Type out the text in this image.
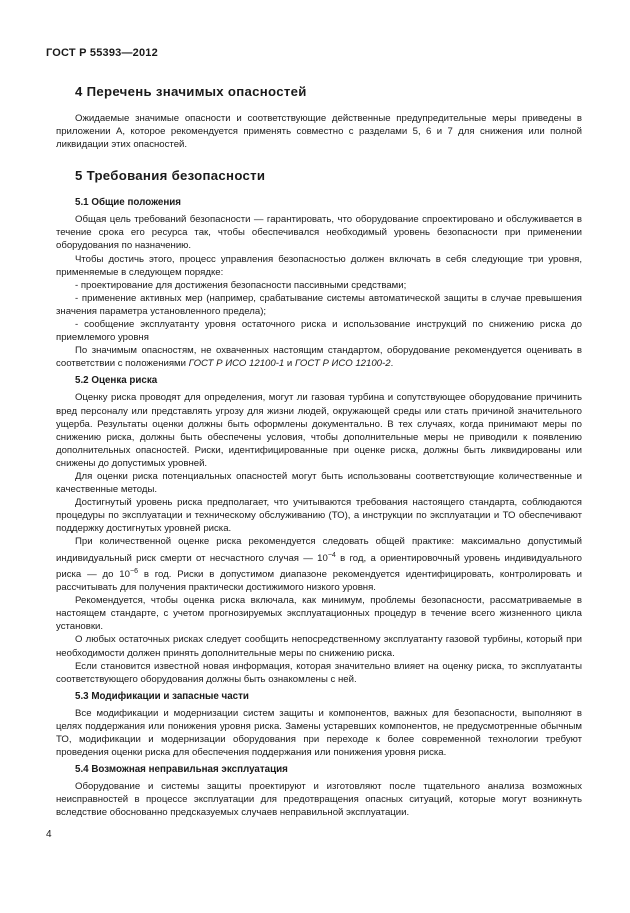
ГОСТ Р 55393—2012
4 Перечень значимых опасностей

Ожидаемые значимые опасности и соответствующие действенные предупредительные меры приведены в приложении А, которое рекомендуется применять совместно с разделами 5, 6 и 7 для снижения или полной ликвидации этих опасностей.

5 Требования безопасности
5.1 Общие положения

Общая цель требований безопасности — гарантировать, что оборудование спроектировано и обслуживается в течение срока его ресурса так, чтобы обеспечивался необходимый уровень безопасности при применении оборудования по назначению.

Чтобы достичь этого, процесс управления безопасностью должен включать в себя следующие три уровня, применяемые в следующем порядке:

- проектирование для достижения безопасности пассивными средствами;

- применение активных мер (например, срабатывание системы автоматической защиты в случае превышения значения параметра установленного предела);

- сообщение эксплуатанту уровня остаточного риска и использование инструкций по снижению риска до приемлемого уровня

По значимым опасностям, не охваченных настоящим стандартом, оборудование рекомендуется оценивать в соответствии с положениями ГОСТ Р ИСО 12100-1 и ГОСТ Р ИСО 12100-2.

5.2 Оценка риска

Оценку риска проводят для определения, могут ли газовая турбина и сопутствующее оборудование причинить вред персоналу или представлять угрозу для жизни людей, окружающей среды или стать причиной значительного ущерба. Результаты оценки должны быть оформлены документально. В тех случаях, когда принимают меры по снижению риска, должны быть обеспечены условия, чтобы дополнительные меры не приводили к появлению дополнительных опасностей. Риски, идентифицированные при оценке риска, должны быть ликвидированы или снижены до допустимых уровней.

Для оценки риска потенциальных опасностей могут быть использованы соответствующие количественные и качественные методы.

Достигнутый уровень риска предполагает, что учитываются требования настоящего стандарта, соблюдаются процедуры по эксплуатации и техническому обслуживанию (ТО), а инструкции по эксплуатации и ТО обеспечивают поддержку достигнутых уровней риска.

При количественной оценке риска рекомендуется следовать общей практике: максимально допустимый индивидуальный риск смерти от несчастного случая — $10^{-4}$ в год, а ориентировочный уровень индивидуального риска — до $10^{-6}$ в год. Риски в допустимом диапазоне рекомендуется идентифицировать, контролировать и рассчитывать для получения практически достижимого низкого уровня.

Рекомендуется, чтобы оценка риска включала, как минимум, проблемы безопасности, рассматриваемые в настоящем стандарте, с учетом прогнозируемых эксплуатационных процедур в течение всего жизненного цикла установки.

О любых остаточных рисках следует сообщить непосредственному эксплуатанту газовой турбины, который при необходимости должен принять дополнительные меры по снижению риска.

Если становится известной новая информация, которая значительно влияет на оценку риска, то эксплуатанты соответствующего оборудования должны быть ознакомлены с ней.

5.3 Модификации и запасные части

Все модификации и модернизации систем защиты и компонентов, важных для безопасности, выполняют в целях поддержания или понижения уровня риска. Замены устаревших компонентов, не предусмотренные обычным ТО, модификации и модернизации оборудования при переходе к более современной технологии требуют проведения оценки риска для обеспечения поддержания или понижения уровня риска.

5.4 Возможная неправильная эксплуатация

Оборудование и системы защиты проектируют и изготовляют после тщательного анализа возможных неисправностей в процессе эксплуатации для предотвращения опасных ситуаций, которые могут возникнуть вследствие обоснованно предсказуемых случаев неправильной эксплуатации.

4
